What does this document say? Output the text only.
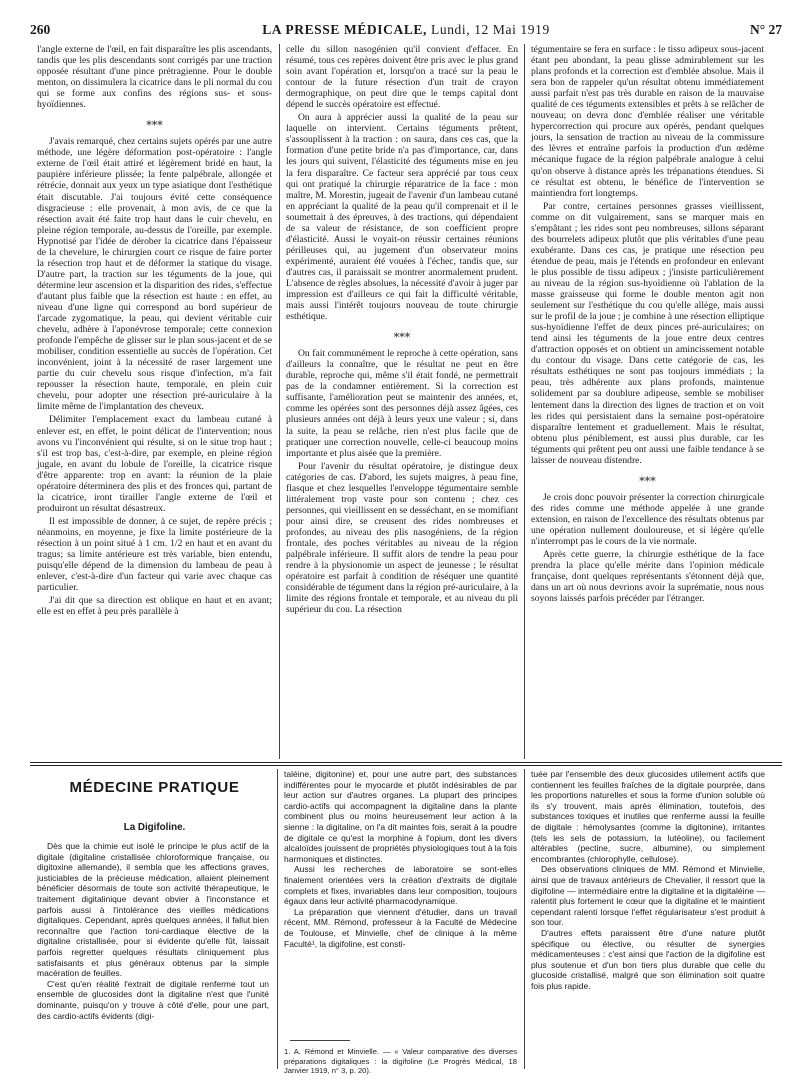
260	LA PRESSE MÉDICALE, Lundi, 12 Mai 1919	N° 27

l'angle externe de l'œil, en fait disparaître les plis ascendants, tandis que les plis descendants sont corrigés par une traction opposée résultant d'une pince prétragienne. Pour le double menton, on dissimulera la cicatrice dans le pli normal du cou qui se forme aux confins des régions sus- et sous-hyoïdiennes.

⁎⁎⁎

J'avais remarqué, chez certains sujets opérés par une autre méthode, une légère déformation post-opératoire : l'angle externe de l'œil était attiré et légèrement bridé en haut, la paupière inférieure plissée; la fente palpébrale, allongée et rétrécie, donnait aux yeux un type asiatique dont l'esthétique était discutable. J'ai toujours évité cette conséquence disgracieuse : elle provenait, à mon avis, de ce que la résection avait été faite trop haut dans le cuir chevelu, en pleine région temporale, au-dessus de l'oreille, par exemple. Hypnotisé par l'idée de dérober la cicatrice dans l'épaisseur de la chevelure, le chirurgien court ce risque de faire porter la résection trop haut et de déformer la statique du visage. D'autre part, la traction sur les téguments de la joue, qui détermine leur ascension et la disparition des rides, s'effectue d'autant plus faible que la résection est haute : en effet, au niveau d'une ligne qui correspond au bord supérieur de l'arcade zygomatique, la peau, qui devient véritable cuir chevelu, adhère à l'aponévrose temporale; cette connexion profonde l'empêche de glisser sur le plan sous-jacent et de se mobiliser, condition essentielle au succès de l'opération. Cet inconvénient, joint à la nécessité de raser largement une partie du cuir chevelu sous risque d'infection, m'a fait repousser la résection haute, temporale, en plein cuir chevelu, pour adopter une résection pré-auriculaire à la limite même de l'implantation des cheveux.

Délimiter l'emplacement exact du lambeau cutané à enlever est, en effet, le point délicat de l'intervention; nous avons vu l'inconvénient qui résulte, si on le situe trop haut ; s'il est trop bas, c'est-à-dire, par exemple, en pleine région jugale, en avant du lobule de l'oreille, la cicatrice risque d'être apparente: trop en avant: la réunion de la plaie opératoire déterminera des plis et des fronces qui, partant de la cicatrice, iront tirailler l'angle externe de l'œil et produiront un résultat désastreux.

Il est impossible de donner, à ce sujet, de repère précis ; néanmoins, en moyenne, je fixe la limite postérieure de la résection à un point situé à 1 cm. 1/2 en haut et en avant du tragus; sa limite antérieure est très variable, bien entendu, puisqu'elle dépend de la dimension du lambeau de peau à enlever, c'est-à-dire d'un facteur qui varie avec chaque cas particulier.

J'ai dit que sa direction est oblique en haut et en avant; elle est en effet à peu près parallèle à

celle du sillon nasogénien qu'il convient d'effacer. En résumé, tous ces repères doivent être pris avec le plus grand soin avant l'opération et, lorsqu'on a tracé sur la peau le contour de la future résection d'un trait de crayon dermographique, on peut dire que le temps capital dont dépend le succès opératoire est effectué.

On aura à apprécier aussi la qualité de la peau sur laquelle on intervient. Certains téguments prêtent, s'assouplissent à la traction : on saura, dans ces cas, que la formation d'une petite bride n'a pas d'importance, car, dans les jours qui suivent, l'élasticité des téguments mise en jeu la fera disparaître. Ce facteur sera apprécié par tous ceux qui ont pratiqué la chirurgie réparatrice de la face : mon maître, M. Morestin, jugeait de l'avenir d'un lambeau cutané en appréciant la qualité de la peau qu'il comprenait et il le soumettait à des épreuves, à des tractions, qui dépendaient de sa valeur de résistance, de son coefficient propre d'élasticité. Aussi le voyait-on réussir certaines réunions périlleuses qui, au jugement d'un observateur moins expérimenté, auraient été vouées à l'échec, tandis que, sur d'autres cas, il paraissait se montrer anormalement prudent. L'absence de règles absolues, la nécessité d'avoir à juger par impression est d'ailleurs ce qui fait la difficulté véritable, mais aussi l'intérêt toujours nouveau de toute chirurgie esthétique.

⁎⁎⁎

On fait communément le reproche à cette opération, sans d'ailleurs la connaître, que le résultat ne peut en être durable, reproche qui, même s'il était fondé, ne permettrait pas de la condamner entièrement. Si la correction est suffisante, l'amélioration peut se maintenir des années, et, comme les opérées sont des personnes déjà assez âgées, ces plusieurs années ont déjà à leurs yeux une valeur ; si, dans la suite, la peau se relâche, rien n'est plus facile que de pratiquer une correction nouvelle, celle-ci beaucoup moins importante et plus aisée que la première.

Pour l'avenir du résultat opératoire, je distingue deux catégories de cas. D'abord, les sujets maigres, à peau fine, flasque et chez lesquelles l'enveloppe tégumentaire semble littéralement trop vaste pour son contenu ; chez ces personnes, qui vieillissent en se desséchant, en se momifiant pour ainsi dire, se creusent des rides nombreuses et profondes, au niveau des plis nasogéniens, de la région frontale, des poches véritables au niveau de la région palpébrale inférieure. Il suffit alors de tendre la peau pour rendre à la physionomie un aspect de jeunesse ; le résultat opératoire est parfait à condition de réséquer une quantité considérable de tégument dans la région pré-auriculaire, à la limite des régions frontale et temporale, et au niveau du pli supérieur du cou. La résection

tégumentaire se fera en surface : le tissu adipeux sous-jacent étant peu abondant, la peau glisse admirablement sur les plans profonds et la correction est d'emblée absolue. Mais il sera bon de rappeler qu'un résultat obtenu immédiatement aussi parfait n'est pas très durable en raison de la mauvaise qualité de ces téguments extensibles et prêts à se relâcher de nouveau; on devra donc d'emblée réaliser une véritable hypercorrection qui procure aux opérés, pendant quelques jours, la sensation de traction au niveau de la commissure des lèvres et entraîne parfois la production d'un œdème mécanique fugace de la région palpébrale analogue à celui qu'on observe à distance après les trépanations étendues. Si ce résultat est obtenu, le bénéfice de l'intervention se maintiendra fort longtemps.

Par contre, certaines personnes grasses vieillissent, comme on dit vulgairement, sans se marquer mais en s'empâtant ; les rides sont peu nombreuses, sillons séparant des bourrelets adipeux plutôt que plis véritables d'une peau exubérante. Dans ces cas, je pratique une résection peu étendue de peau, mais je l'étends en profondeur en enlevant le plus possible de tissu adipeux ; j'insiste particulièrement au niveau de la région sus-hyoïdienne où l'ablation de la masse graisseuse qui forme le double menton agit non seulement sur l'esthétique du cou qu'elle allège, mais aussi sur le profil de la joue ; je combine à une résection elliptique sus-hyoïdienne l'effet de deux pinces pré-auriculaires; on tend ainsi les téguments de la joue entre deux centres d'attraction opposés et on obtient un amincissement notable du contour du visage. Dans cette catégorie de cas, les résultats esthétiques ne sont pas toujours immédiats ; la peau, très adhérente aux plans profonds, maintenue solidement par sa doublure adipeuse, semble se mobiliser lentement dans la direction des lignes de traction et on voit les rides qui persistaient dans la semaine post-opératoire disparaître lentement et graduellement. Mais le résultat, obtenu plus péniblement, est aussi plus durable, car les téguments qui prêtent peu ont aussi une faible tendance à se laisser de nouveau distendre.

⁎⁎⁎

Je crois donc pouvoir présenter la correction chirurgicale des rides comme une méthode appelée à une grande extension, en raison de l'excellence des résultats obtenus par une opération nullement douloureuse, et si légère qu'elle n'interrompt pas le cours de la vie normale.

Après cette guerre, la chirurgie esthétique de la face prendra la place qu'elle mérite dans l'opinion médicale française, dont quelques représentants s'étonnent déjà que, dans un art où nous devrions avoir la suprématie, nous nous soyons laissés parfois précéder par l'étranger.

MÉDECINE PRATIQUE
La Digifoline.

Dès que la chimie eut isolé le principe le plus actif de la digitale (digitaline cristallisée chloroformique française, ou digitoxine allemande), il sembla que les affections graves, justiciables de la précieuse médication, allaient pleinement bénéficier désormais de toute son activité thérapeutique, le traitement digitalinique devant obvier à l'inconstance et parfois aussi à l'intolérance des vieilles médications digitaliques. Cependant, après quelques années, il fallut bien reconnaître que l'action toni-cardiaque élective de la digitaline cristallisée, pour si évidente qu'elle fût, laissait parfois regretter quelques résultats cliniquement plus satisfaisants et plus généraux obtenus par la simple macération de feuilles.

C'est qu'en réalité l'extrait de digitale renferme tout un ensemble de glucosides dont la digitaline n'est que l'unité dominante, puisqu'on y trouve à côté d'elle, pour une part, des cardio-actifs évidents (digi-

taléine, digitonine) et, pour une autre part, des substances indifférentes pour le myocarde et plutôt indésirables de par leur action sur d'autres organes. La plupart des principes cardio-actifs qui accompagnent la digitaline dans la plante combinent plus ou moins heureusement leur action à la sienne : la digitaline, on l'a dit maintes fois, serait à la poudre de digitale ce qu'est la morphine à l'opium, dont les divers alcaloïdes jouissent de propriétés physiologiques tout à la fois harmoniques et distinctes.

Aussi les recherches de laboratoire se sont-elles finalement orientées vers la création d'extraits de digitale complets et fixes, invariables dans leur composition, toujours égaux dans leur activité pharmacodynamique.

La préparation que viennent d'étudier, dans un travail récent, MM. Rémond, professeur à la Faculté de Médecine de Toulouse, et Minvielle, chef de clinique à la même Faculté¹, la digifoline, est consti-

tuée par l'ensemble des deux glucosides utilement actifs que contiennent les feuilles fraîches de la digitale pourprée, dans les proportions naturelles et sous la forme d'union soluble où ils s'y trouvent, mais après élimination, toutefois, des substances toxiques et inutiles que renferme aussi la feuille de digitale : hémolysantes (comme la digitonine), irritantes (tels les sels de potassium, la lutéoline), ou facilement altérables (pectine, sucre, albumine), ou simplement encombrantes (chlorophylle, cellulose).

Des observations cliniques de MM. Rémond et Minvielle, ainsi que de travaux antérieurs de Chevalier, il ressort que la digifoline — intermédiaire entre la digitaline et la digitaléine — ralentit plus fortement le cœur que la digitaline et le maintient cependant ralenti lorsque l'effet régularisateur s'est produit à son tour.

D'autres effets paraissent être d'une nature plutôt spécifique ou élective, ou résulter de synergies médicamenteuses : c'est ainsi que l'action de la digifoline est plus soutenue et d'un bon tiers plus durable que celle du glucoside cristallisé, malgré que son élimination soit quatre fois plus rapide.

1. A. Rémond et Minvielle. — « Valeur comparative des diverses préparations digitaliques : la digifoline (Le Progrès Médical, 18 Janvier 1919, n° 3, p. 20).
